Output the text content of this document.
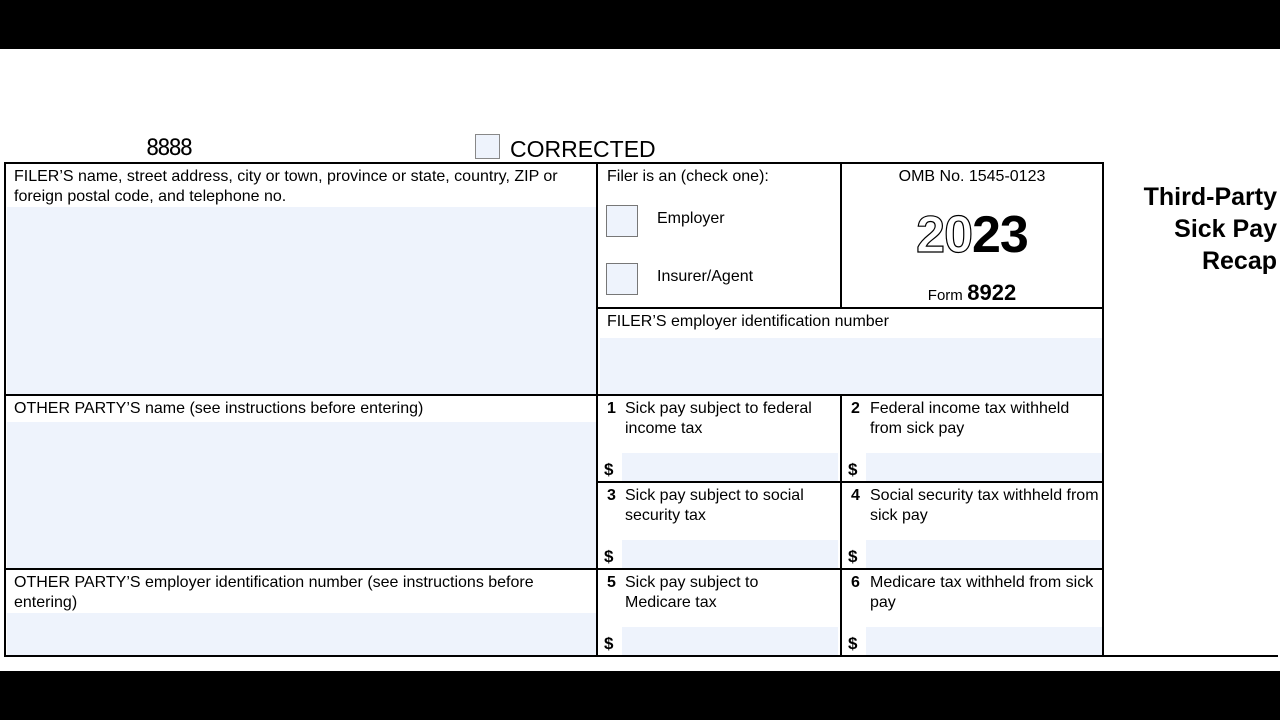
8888	CORRECTED
Third-Party
Sick Pay
Recap
FILER’S name, street address, city or town, province or state, country, ZIP or foreign postal code, and telephone no.
OTHER PARTY’S name (see instructions before entering)
OTHER PARTY’S employer identification number (see instructions before entering)
Filer is an (check one):
Employer
Insurer/Agent
OMB No. 1545-0123
2023
Form 8922
FILER’S employer identification number
1 Sick pay subject to federal income tax
$
2 Federal income tax withheld from sick pay
$
3 Sick pay subject to social security tax
$
4 Social security tax withheld from sick pay
$
5 Sick pay subject to Medicare tax
$
6 Medicare tax withheld from sick pay
$
